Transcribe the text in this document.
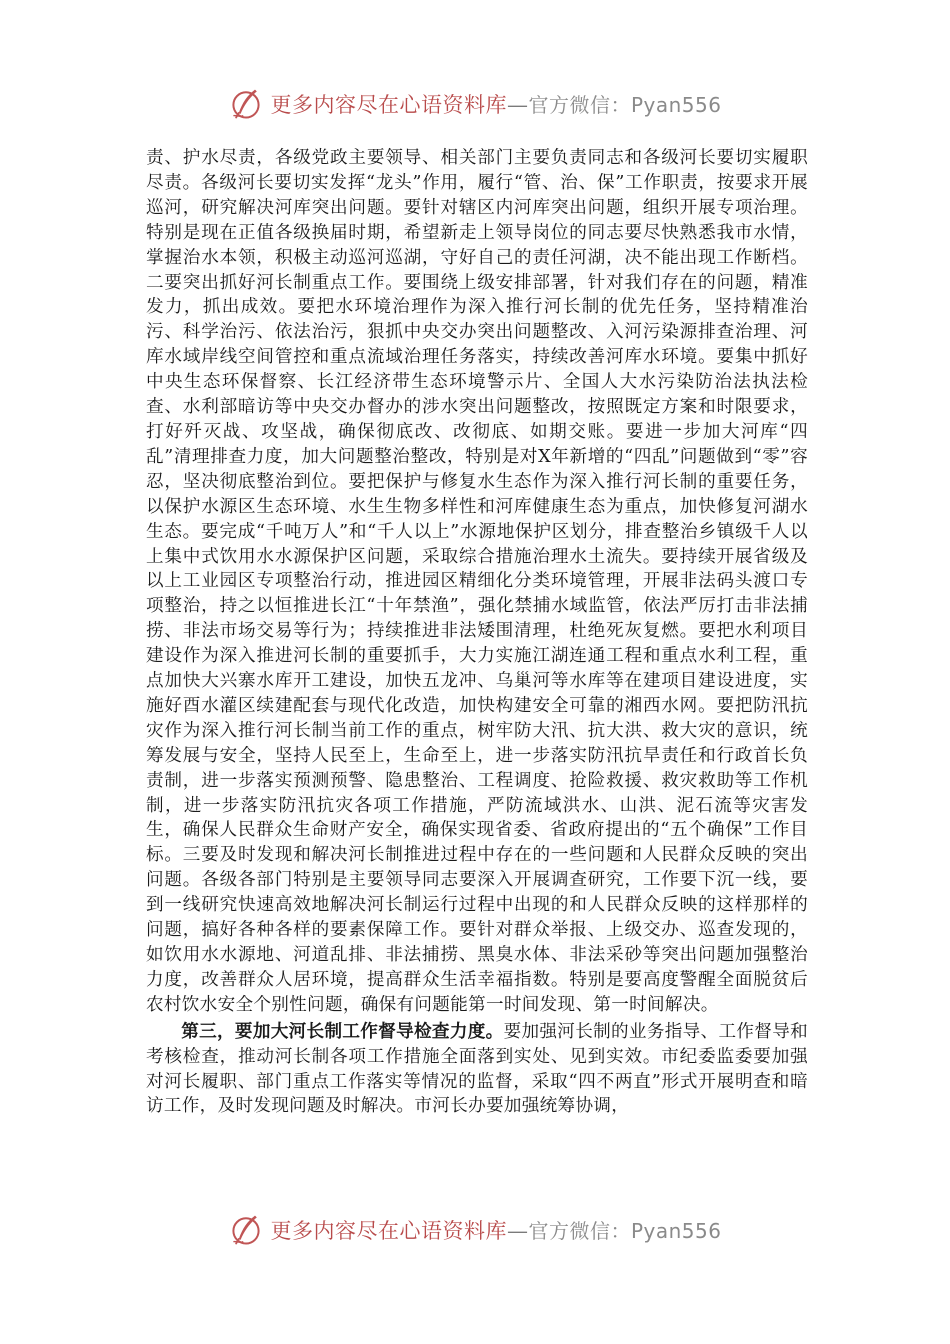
更多内容尽在心语资料库—官方微信：Pyan556

责、护水尽责，各级党政主要领导、相关部门主要负责同志和各级河长要切实履职尽责。各级河长要切实发挥“龙头”作用，履行“管、治、保”工作职责，按要求开展巡河，研究解决河库突出问题。要针对辖区内河库突出问题，组织开展专项治理。特别是现在正值各级换届时期，希望新走上领导岗位的同志要尽快熟悉我市水情，掌握治水本领，积极主动巡河巡湖，守好自己的责任河湖，决不能出现工作断档。二要突出抓好河长制重点工作。要围绕上级安排部署，针对我们存在的问题，精准发力，抓出成效。要把水环境治理作为深入推行河长制的优先任务，坚持精准治污、科学治污、依法治污，狠抓中央交办突出问题整改、入河污染源排查治理、河库水域岸线空间管控和重点流域治理任务落实，持续改善河库水环境。要集中抓好中央生态环保督察、长江经济带生态环境警示片、全国人大水污染防治法执法检查、水利部暗访等中央交办督办的涉水突出问题整改，按照既定方案和时限要求，打好歼灭战、攻坚战，确保彻底改、改彻底、如期交账。要进一步加大河库“四乱”清理排查力度，加大问题整治整改，特别是对X年新增的“四乱”问题做到“零”容忍，坚决彻底整治到位。要把保护与修复水生态作为深入推行河长制的重要任务，以保护水源区生态环境、水生生物多样性和河库健康生态为重点，加快修复河湖水生态。要完成“千吨万人”和“千人以上”水源地保护区划分，排查整治乡镇级千人以上集中式饮用水水源保护区问题，采取综合措施治理水土流失。要持续开展省级及以上工业园区专项整治行动，推进园区精细化分类环境管理，开展非法码头渡口专项整治，持之以恒推进长江“十年禁渔”，强化禁捕水域监管，依法严厉打击非法捕捞、非法市场交易等行为；持续推进非法矮围清理，杜绝死灰复燃。要把水利项目建设作为深入推进河长制的重要抓手，大力实施江湖连通工程和重点水利工程，重点加快大兴寨水库开工建设，加快五龙冲、乌巢河等水库等在建项目建设进度，实施好酉水灌区续建配套与现代化改造，加快构建安全可靠的湘西水网。要把防汛抗灾作为深入推行河长制当前工作的重点，树牢防大汛、抗大洪、救大灾的意识，统筹发展与安全，坚持人民至上，生命至上，进一步落实防汛抗旱责任和行政首长负责制，进一步落实预测预警、隐患整治、工程调度、抢险救援、救灾救助等工作机制，进一步落实防汛抗灾各项工作措施，严防流域洪水、山洪、泥石流等灾害发生，确保人民群众生命财产安全，确保实现省委、省政府提出的“五个确保”工作目标。三要及时发现和解决河长制推进过程中存在的一些问题和人民群众反映的突出问题。各级各部门特别是主要领导同志要深入开展调查研究，工作要下沉一线，要到一线研究快速高效地解决河长制运行过程中出现的和人民群众反映的这样那样的问题，搞好各种各样的要素保障工作。要针对群众举报、上级交办、巡查发现的，如饮用水水源地、河道乱排、非法捕捞、黑臭水体、非法采砂等突出问题加强整治力度，改善群众人居环境，提高群众生活幸福指数。特别是要高度警醒全面脱贫后农村饮水安全个别性问题，确保有问题能第一时间发现、第一时间解决。

第三，要加大河长制工作督导检查力度。要加强河长制的业务指导、工作督导和考核检查，推动河长制各项工作措施全面落到实处、见到实效。市纪委监委要加强对河长履职、部门重点工作落实等情况的监督，采取“四不两直”形式开展明查和暗访工作，及时发现问题及时解决。市河长办要加强统筹协调，

更多内容尽在心语资料库—官方微信：Pyan556
